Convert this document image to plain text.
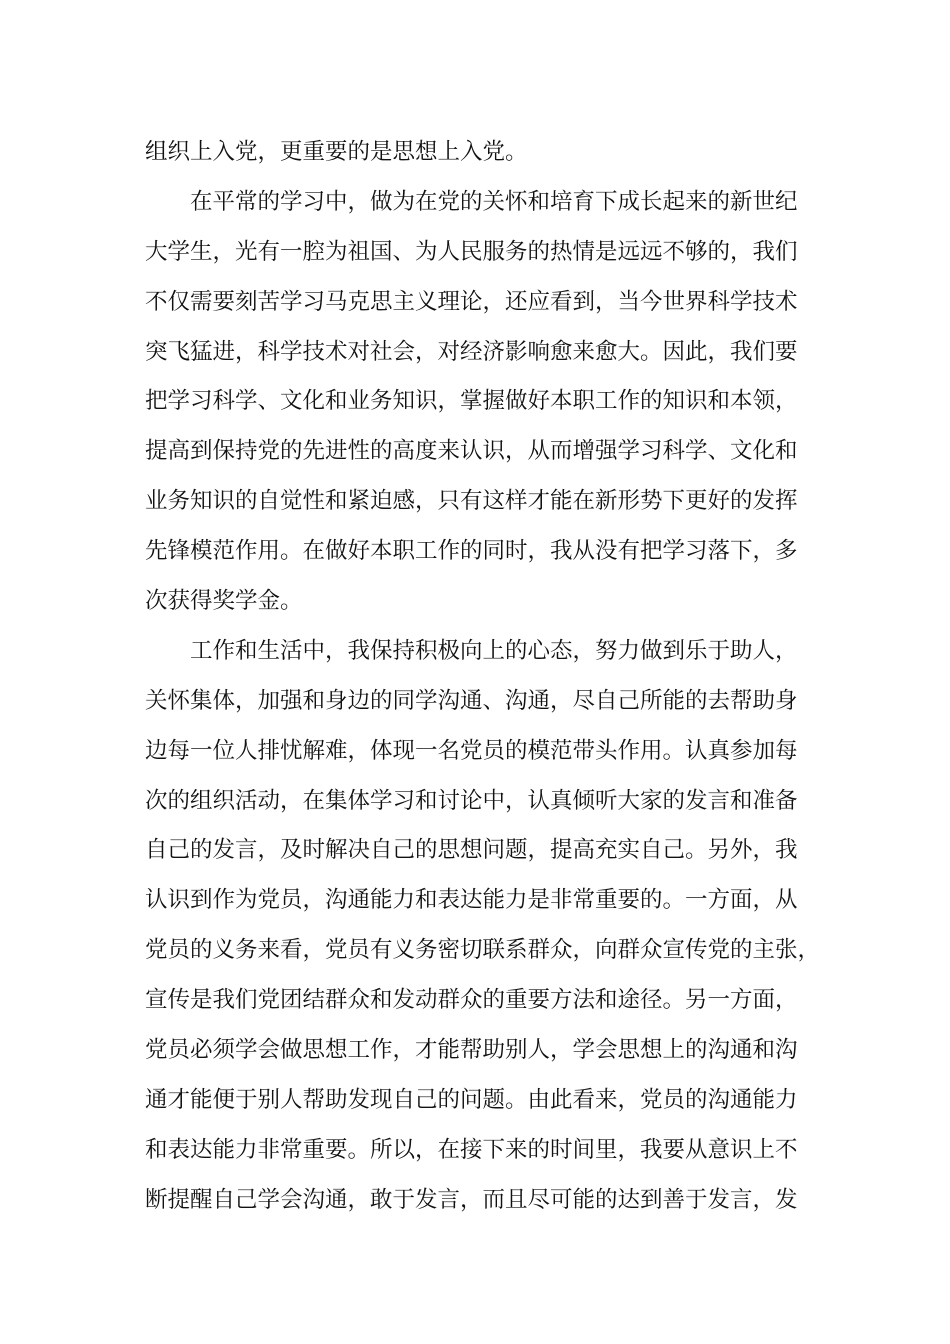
组织上入党，更重要的是思想上入党。
在平常的学习中，做为在党的关怀和培育下成长起来的新世纪
大学生，光有一腔为祖国、为人民服务的热情是远远不够的，我们
不仅需要刻苦学习马克思主义理论，还应看到，当今世界科学技术
突飞猛进，科学技术对社会，对经济影响愈来愈大。因此，我们要
把学习科学、文化和业务知识，掌握做好本职工作的知识和本领，
提高到保持党的先进性的高度来认识，从而增强学习科学、文化和
业务知识的自觉性和紧迫感，只有这样才能在新形势下更好的发挥
先锋模范作用。在做好本职工作的同时，我从没有把学习落下，多
次获得奖学金。
工作和生活中，我保持积极向上的心态，努力做到乐于助人，
关怀集体，加强和身边的同学沟通、沟通，尽自己所能的去帮助身
边每一位人排忧解难，体现一名党员的模范带头作用。认真参加每
次的组织活动，在集体学习和讨论中，认真倾听大家的发言和准备
自己的发言，及时解决自己的思想问题，提高充实自己。另外，我
认识到作为党员，沟通能力和表达能力是非常重要的。一方面，从
党员的义务来看，党员有义务密切联系群众，向群众宣传党的主张，
宣传是我们党团结群众和发动群众的重要方法和途径。另一方面，
党员必须学会做思想工作，才能帮助别人，学会思想上的沟通和沟
通才能便于别人帮助发现自己的问题。由此看来，党员的沟通能力
和表达能力非常重要。所以，在接下来的时间里，我要从意识上不
断提醒自己学会沟通，敢于发言，而且尽可能的达到善于发言，发
